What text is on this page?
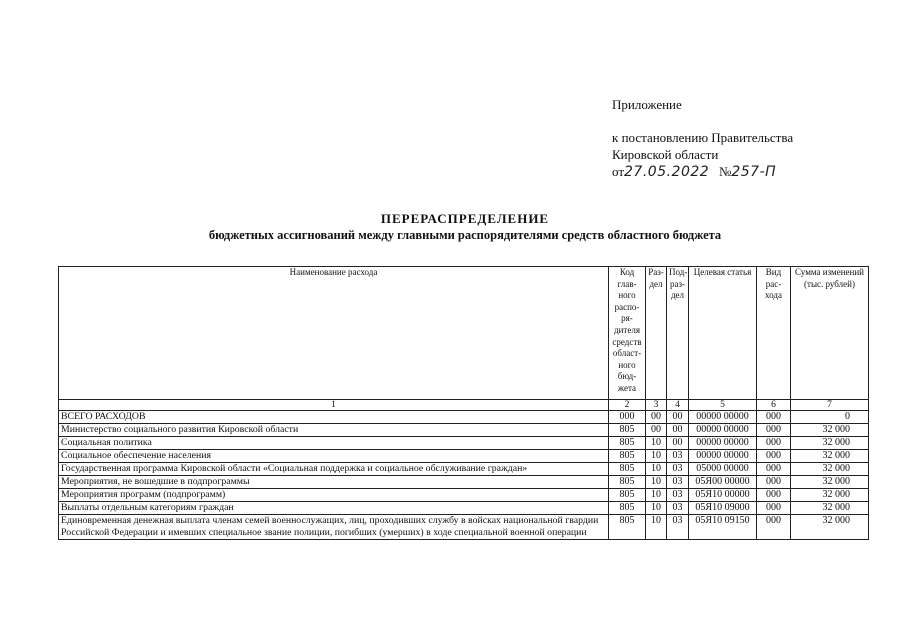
Приложение
к постановлению Правительства
Кировской области
от27.05.2022 №257-П
ПЕРЕРАСПРЕДЕЛЕНИЕ
бюджетных ассигнований между главными распорядителями средств областного бюджета
Наименование расхода	Код глав-ного распо-ря-дителя средств област-ного бюд-жета	Раз-дел	Под-раз-дел	Целевая статья	Вид рас-хода	Сумма изменений (тыс. рублей)
1	2	3	4	5	6	7
ВСЕГО РАСХОДОВ	000	00	00	00000 00000	000	0
Министерство социального развития Кировской области	805	00	00	00000 00000	000	32 000
Социальная политика	805	10	00	00000 00000	000	32 000
Социальное обеспечение населения	805	10	03	00000 00000	000	32 000
Государственная программа Кировской области «Социальная поддержка и социальное обслуживание граждан»	805	10	03	05000 00000	000	32 000
Мероприятия, не вошедшие в подпрограммы	805	10	03	05Я00 00000	000	32 000
Мероприятия программ (подпрограмм)	805	10	03	05Я10 00000	000	32 000
Выплаты отдельным категориям граждан	805	10	03	05Я10 09000	000	32 000
Единовременная денежная выплата членам семей военнослужащих, лиц, проходивших службу в войсках национальной гвардии Российской Федерации и имевших специальное звание полиции, погибших (умерших) в ходе специальной военной операции	805	10	03	05Я10 09150	000	32 000
